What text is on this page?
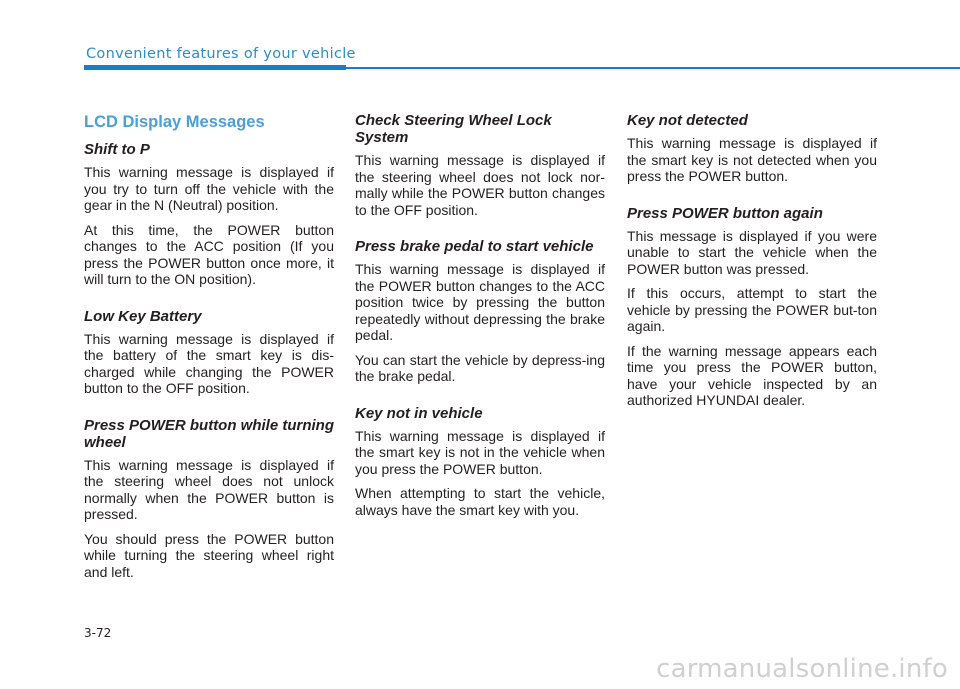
Convenient features of your vehicle
LCD Display Messages
Shift to P

This warning message is displayed if you try to turn off the vehicle with the gear in the N (Neutral) position.

At this time, the POWER button changes to the ACC position (If you press the POWER button once more, it will turn to the ON position).

Low Key Battery

This warning message is displayed if the battery of the smart key is dis-charged while changing the POWER button to the OFF position.

Press POWER button while turning wheel

This warning message is displayed if the steering wheel does not unlock normally when the POWER button is pressed.

You should press the POWER button while turning the steering wheel right and left.

Check Steering Wheel Lock System

This warning message is displayed if the steering wheel does not lock nor-mally while the POWER button changes to the OFF position.

Press brake pedal to start vehicle

This warning message is displayed if the POWER button changes to the ACC position twice by pressing the button repeatedly without depressing the brake pedal.

You can start the vehicle by depress-ing the brake pedal.

Key not in vehicle

This warning message is displayed if the smart key is not in the vehicle when you press the POWER button.

When attempting to start the vehicle, always have the smart key with you.

Key not detected

This warning message is displayed if the smart key is not detected when you press the POWER button.

Press POWER button again

This message is displayed if you were unable to start the vehicle when the POWER button was pressed.

If this occurs, attempt to start the vehicle by pressing the POWER but-ton again.

If the warning message appears each time you press the POWER button, have your vehicle inspected by an authorized HYUNDAI dealer.

3-72
carmanualsonline.info
